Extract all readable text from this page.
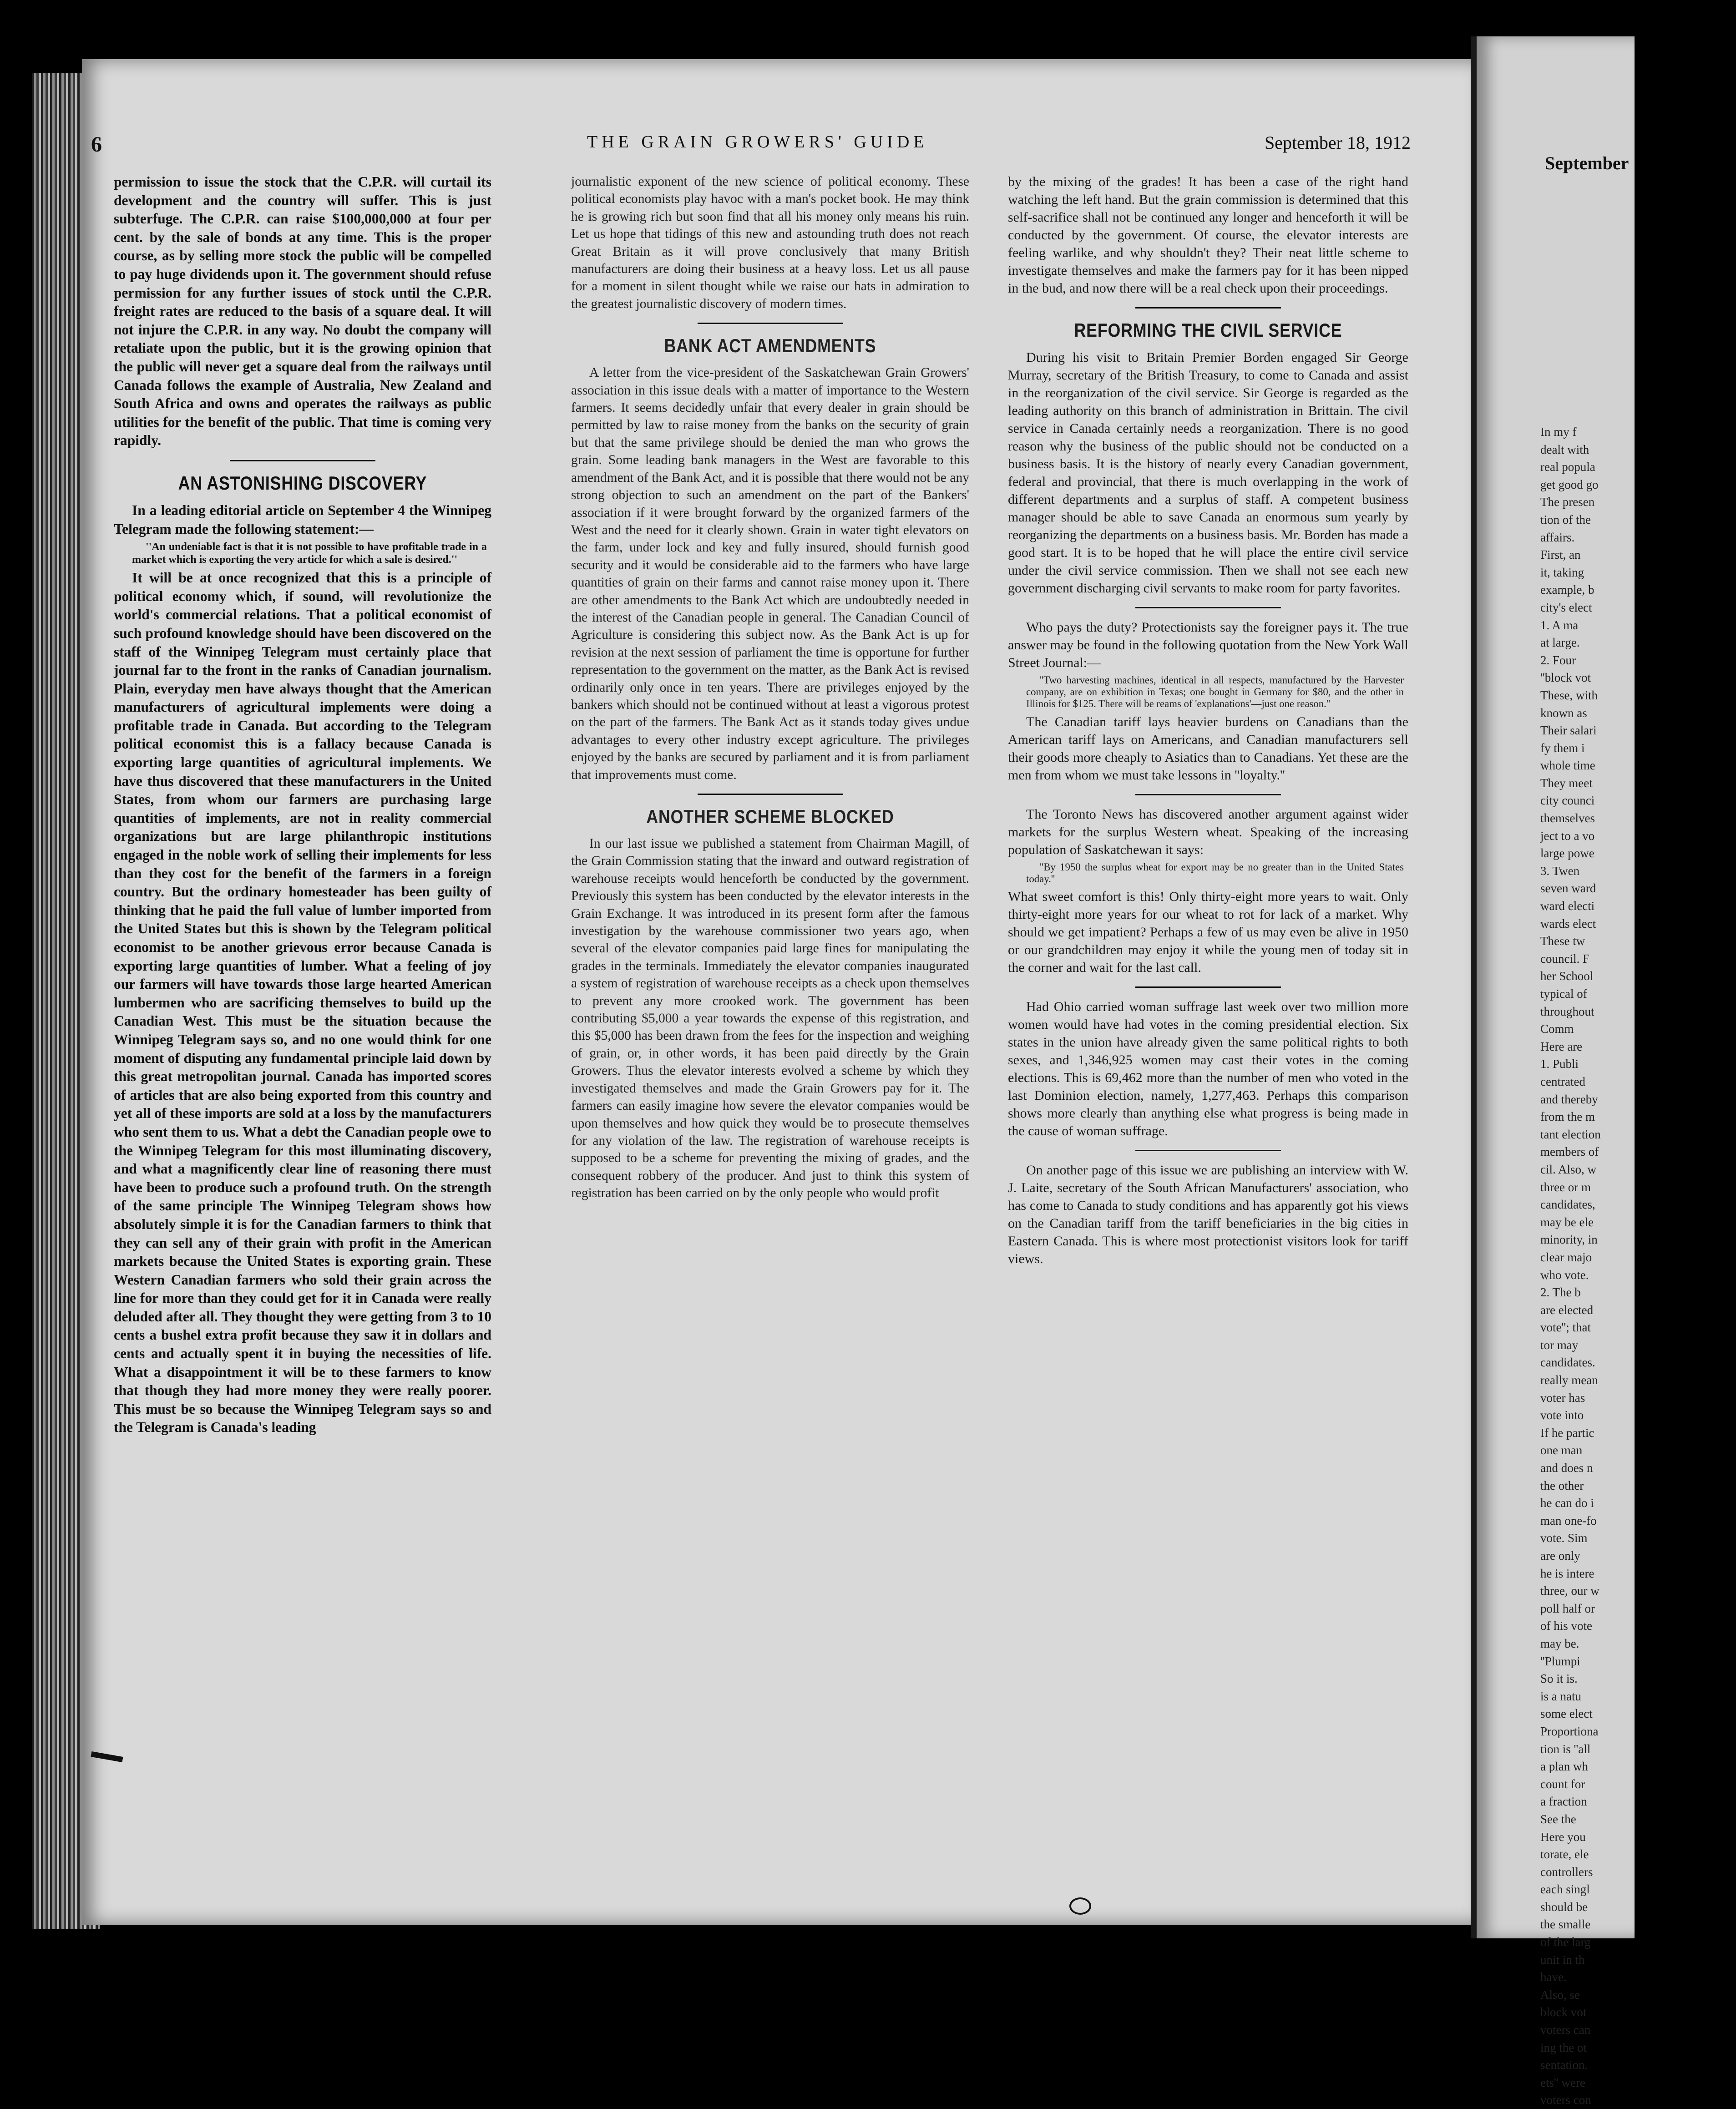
September
In my f
dealt with
real popula
get good go
The presen
tion of the
affairs.
First, an
it, taking
example, b
city's elect
1. A ma
at large.
2. Four
''block vot
These, with
known as
Their salari
fy them i
whole time
They meet
city counci
themselves
ject to a vo
large powe
3. Twen
seven ward
ward electi
wards elect
These tw
council. F
her School
typical of
throughout
Comm
Here are
1. Publi
centrated
and thereby
from the m
tant election
members of
cil. Also, w
three or m
candidates,
may be ele
minority, in
clear majo
who vote.
2. The b
are elected
vote''; that
tor may
candidates.
really mean
voter has
vote into
If he partic
one man
and does n
the other
he can do i
man one-fo
vote. Sim
are only
he is intere
three, our w
poll half or
of his vote
may be.
''Plumpi
So it is.
is a natu
some elect
Proportiona
tion is ''all
a plan wh
count for
a fraction
See the
Here you
torate, ele
controllers
each singl
should be
the smalle
of the larg
unit in th
have.
Also, se
block vot
voters can
ing the ot
sentation.
ets'' were
voters con
6	THE GRAIN GROWERS' GUIDE	September 18, 1912

permission to issue the stock that the C.P.R. will curtail its development and the country will suffer. This is just subterfuge. The C.P.R. can raise $100,000,000 at four per cent. by the sale of bonds at any time. This is the proper course, as by selling more stock the public will be compelled to pay huge dividends upon it. The government should refuse permission for any further issues of stock until the C.P.R. freight rates are reduced to the basis of a square deal. It will not injure the C.P.R. in any way. No doubt the company will retaliate upon the public, but it is the growing opinion that the public will never get a square deal from the railways until Canada follows the example of Australia, New Zealand and South Africa and owns and operates the railways as public utilities for the benefit of the public. That time is coming very rapidly.

AN ASTONISHING DISCOVERY

In a leading editorial article on September 4 the Winnipeg Telegram made the following statement:—

''An undeniable fact is that it is not possible to have profitable trade in a market which is exporting the very article for which a sale is desired.''

It will be at once recognized that this is a principle of political economy which, if sound, will revolutionize the world's commercial relations. That a political economist of such profound knowledge should have been discovered on the staff of the Winnipeg Telegram must certainly place that journal far to the front in the ranks of Canadian journalism. Plain, everyday men have always thought that the American manufacturers of agricultural implements were doing a profitable trade in Canada. But according to the Telegram political economist this is a fallacy because Canada is exporting large quantities of agricultural implements. We have thus discovered that these manufacturers in the United States, from whom our farmers are purchasing large quantities of implements, are not in reality commercial organizations but are large philanthropic institutions engaged in the noble work of selling their implements for less than they cost for the benefit of the farmers in a foreign country. But the ordinary homesteader has been guilty of thinking that he paid the full value of lumber imported from the United States but this is shown by the Telegram political economist to be another grievous error because Canada is exporting large quantities of lumber. What a feeling of joy our farmers will have towards those large hearted American lumbermen who are sacrificing themselves to build up the Canadian West. This must be the situation because the Winnipeg Telegram says so, and no one would think for one moment of disputing any fundamental principle laid down by this great metropolitan journal. Canada has imported scores of articles that are also being exported from this country and yet all of these imports are sold at a loss by the manufacturers who sent them to us. What a debt the Canadian people owe to the Winnipeg Telegram for this most illuminating discovery, and what a magnificently clear line of reasoning there must have been to produce such a profound truth. On the strength of the same principle The Winnipeg Telegram shows how absolutely simple it is for the Canadian farmers to think that they can sell any of their grain with profit in the American markets because the United States is exporting grain. These Western Canadian farmers who sold their grain across the line for more than they could get for it in Canada were really deluded after all. They thought they were getting from 3 to 10 cents a bushel extra profit because they saw it in dollars and cents and actually spent it in buying the necessities of life. What a disappointment it will be to these farmers to know that though they had more money they were really poorer. This must be so because the Winnipeg Telegram says so and the Telegram is Canada's leading

journalistic exponent of the new science of political economy. These political economists play havoc with a man's pocket book. He may think he is growing rich but soon find that all his money only means his ruin. Let us hope that tidings of this new and astounding truth does not reach Great Britain as it will prove conclusively that many British manufacturers are doing their business at a heavy loss. Let us all pause for a moment in silent thought while we raise our hats in admiration to the greatest journalistic discovery of modern times.

BANK ACT AMENDMENTS

A letter from the vice-president of the Saskatchewan Grain Growers' association in this issue deals with a matter of importance to the Western farmers. It seems decidedly unfair that every dealer in grain should be permitted by law to raise money from the banks on the security of grain but that the same privilege should be denied the man who grows the grain. Some leading bank managers in the West are favorable to this amendment of the Bank Act, and it is possible that there would not be any strong objection to such an amendment on the part of the Bankers' association if it were brought forward by the organized farmers of the West and the need for it clearly shown. Grain in water tight elevators on the farm, under lock and key and fully insured, should furnish good security and it would be considerable aid to the farmers who have large quantities of grain on their farms and cannot raise money upon it. There are other amendments to the Bank Act which are undoubtedly needed in the interest of the Canadian people in general. The Canadian Council of Agriculture is considering this subject now. As the Bank Act is up for revision at the next session of parliament the time is opportune for further representation to the government on the matter, as the Bank Act is revised ordinarily only once in ten years. There are privileges enjoyed by the bankers which should not be continued without at least a vigorous protest on the part of the farmers. The Bank Act as it stands today gives undue advantages to every other industry except agriculture. The privileges enjoyed by the banks are secured by parliament and it is from parliament that improvements must come.

ANOTHER SCHEME BLOCKED

In our last issue we published a statement from Chairman Magill, of the Grain Commission stating that the inward and outward registration of warehouse receipts would henceforth be conducted by the government. Previously this system has been conducted by the elevator interests in the Grain Exchange. It was introduced in its present form after the famous investigation by the warehouse commissioner two years ago, when several of the elevator companies paid large fines for manipulating the grades in the terminals. Immediately the elevator companies inaugurated a system of registration of warehouse receipts as a check upon themselves to prevent any more crooked work. The government has been contributing $5,000 a year towards the expense of this registration, and this $5,000 has been drawn from the fees for the inspection and weighing of grain, or, in other words, it has been paid directly by the Grain Growers. Thus the elevator interests evolved a scheme by which they investigated themselves and made the Grain Growers pay for it. The farmers can easily imagine how severe the elevator companies would be upon themselves and how quick they would be to prosecute themselves for any violation of the law. The registration of warehouse receipts is supposed to be a scheme for preventing the mixing of grades, and the consequent robbery of the producer. And just to think this system of registration has been carried on by the only people who would profit

by the mixing of the grades! It has been a case of the right hand watching the left hand. But the grain commission is determined that this self-sacrifice shall not be continued any longer and henceforth it will be conducted by the government. Of course, the elevator interests are feeling warlike, and why shouldn't they? Their neat little scheme to investigate themselves and make the farmers pay for it has been nipped in the bud, and now there will be a real check upon their proceedings.

REFORMING THE CIVIL SERVICE

During his visit to Britain Premier Borden engaged Sir George Murray, secretary of the British Treasury, to come to Canada and assist in the reorganization of the civil service. Sir George is regarded as the leading authority on this branch of administration in Brittain. The civil service in Canada certainly needs a reorganization. There is no good reason why the business of the public should not be conducted on a business basis. It is the history of nearly every Canadian government, federal and provincial, that there is much overlapping in the work of different departments and a surplus of staff. A competent business manager should be able to save Canada an enormous sum yearly by reorganizing the departments on a business basis. Mr. Borden has made a good start. It is to be hoped that he will place the entire civil service under the civil service commission. Then we shall not see each new government discharging civil servants to make room for party favorites.

Who pays the duty? Protectionists say the foreigner pays it. The true answer may be found in the following quotation from the New York Wall Street Journal:—

''Two harvesting machines, identical in all respects, manufactured by the Harvester company, are on exhibition in Texas; one bought in Germany for $80, and the other in Illinois for $125. There will be reams of 'explanations'—just one reason.''

The Canadian tariff lays heavier burdens on Canadians than the American tariff lays on Americans, and Canadian manufacturers sell their goods more cheaply to Asiatics than to Canadians. Yet these are the men from whom we must take lessons in ''loyalty.''

The Toronto News has discovered another argument against wider markets for the surplus Western wheat. Speaking of the increasing population of Saskatchewan it says:

''By 1950 the surplus wheat for export may be no greater than in the United States today.''

What sweet comfort is this! Only thirty-eight more years to wait. Only thirty-eight more years for our wheat to rot for lack of a market. Why should we get impatient? Perhaps a few of us may even be alive in 1950 or our grandchildren may enjoy it while the young men of today sit in the corner and wait for the last call.

Had Ohio carried woman suffrage last week over two million more women would have had votes in the coming presidential election. Six states in the union have already given the same political rights to both sexes, and 1,346,925 women may cast their votes in the coming elections. This is 69,462 more than the number of men who voted in the last Dominion election, namely, 1,277,463. Perhaps this comparison shows more clearly than anything else what progress is being made in the cause of woman suffrage.

On another page of this issue we are publishing an interview with W. J. Laite, secretary of the South African Manufacturers' association, who has come to Canada to study conditions and has apparently got his views on the Canadian tariff from the tariff beneficiaries in the big cities in Eastern Canada. This is where most protectionist visitors look for tariff views.
